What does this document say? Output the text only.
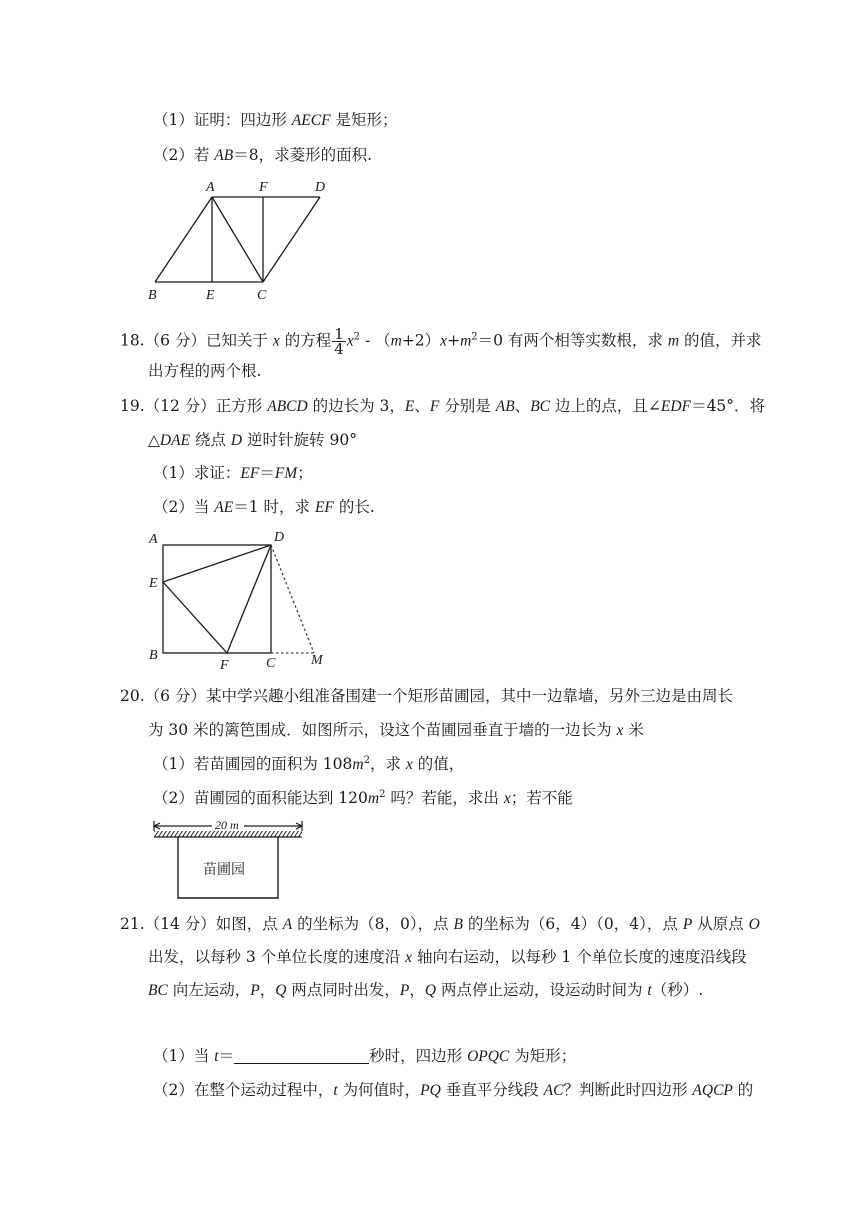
（1）证明：四边形 AECF 是矩形；
（2）若 AB＝8，求菱形的面积.
A	F	D
B	E	C
18.（6 分）已知关于 x 的方程 $\frac{1}{4} x^2 - (m+2)x+m^2=0$ 有两个相等实数根，求 m 的值，并求
出方程的两个根.
19.（12 分）正方形 ABCD 的边长为 3，E、F 分别是 AB、BC 边上的点，且∠EDF＝45°．将
△DAE 绕点 D 逆时针旋转 90°
（1）求证：EF＝FM；
（2）当 AE＝1 时，求 EF 的长.
A	D
E
B
F	C	M
20.（6 分）某中学兴趣小组准备围建一个矩形苗圃园，其中一边靠墙，另外三边是由周长
为 30 米的篱笆围成．如图所示，设这个苗圃园垂直于墙的一边长为 x 米
（1）若苗圃园的面积为 $108m^2$，求 x 的值，
（2）苗圃园的面积能达到 $120m^2$ 吗？若能，求出 x；若不能
20 m
苗圃园
21.（14 分）如图，点 A 的坐标为（8，0），点 B 的坐标为（6，4）（0，4），点 P 从原点 O
出发，以每秒 3 个单位长度的速度沿 x 轴向右运动，以每秒 1 个单位长度的速度沿线段
BC 向左运动，P，Q 两点同时出发，P，Q 两点停止运动，设运动时间为 t（秒）.
（1）当 t＝	秒时，四边形 OPQC 为矩形；
（2）在整个运动过程中，t 为何值时，PQ 垂直平分线段 AC？判断此时四边形 AQCP 的
